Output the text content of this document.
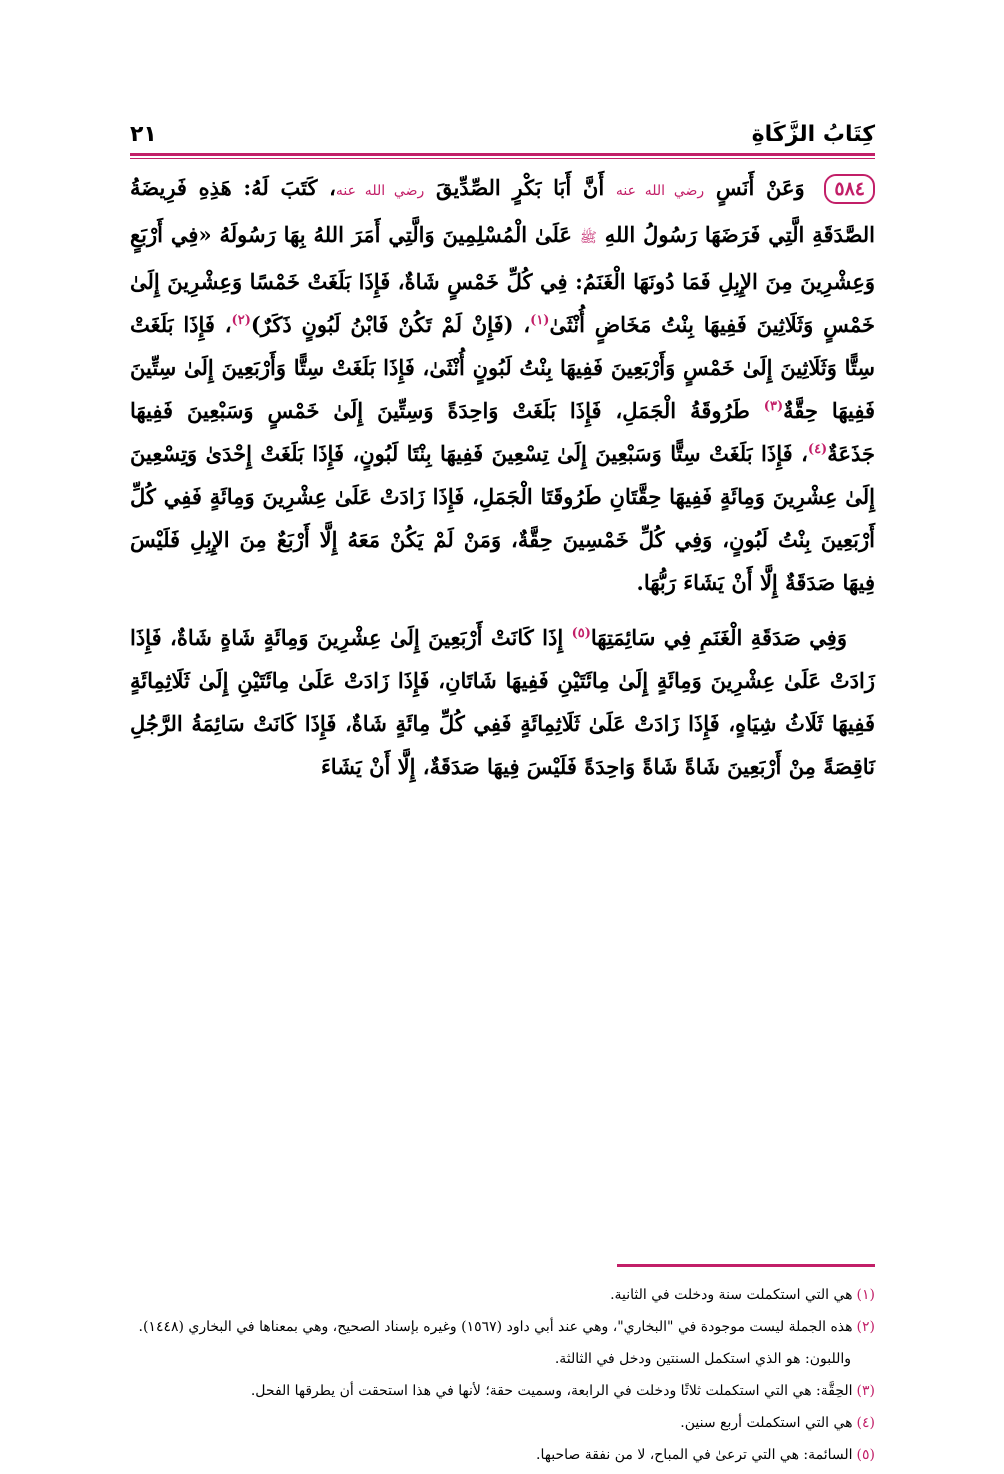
كِتَابُ الزَّكَاةِ
٢١

٥٨٤ وَعَنْ أَنَسٍ رضي الله عنه أَنَّ أَبَا بَكْرٍ الصِّدِّيقَ رضي الله عنه، كَتَبَ لَهُ: هَذِهِ فَرِيضَةُ الصَّدَقَةِ الَّتِي فَرَضَهَا رَسُولُ اللهِ ﷺ عَلَىٰ الْمُسْلِمِينَ وَالَّتِي أَمَرَ اللهُ بِهَا رَسُولَهُ «فِي أَرْبَعٍ وَعِشْرِينَ مِنَ الإِبِلِ فَمَا دُونَهَا الْغَنَمُ: فِي كُلِّ خَمْسٍ شَاةٌ، فَإِذَا بَلَغَتْ خَمْسًا وَعِشْرِينَ إِلَىٰ خَمْسٍ وَثَلَاثِينَ فَفِيهَا بِنْتُ مَخَاضٍ أُنْثَىٰ$^{(١)}$، (فَإِنْ لَمْ تَكُنْ فَابْنُ لَبُونٍ ذَكَرٌ)$^{(٢)}$، فَإِذَا بَلَغَتْ سِتًّا وَثَلَاثِينَ إِلَىٰ خَمْسٍ وَأَرْبَعِينَ فَفِيهَا بِنْتُ لَبُونٍ أُنْثَىٰ، فَإِذَا بَلَغَتْ سِتًّا وَأَرْبَعِينَ إِلَىٰ سِتِّينَ فَفِيهَا حِقَّةٌ$^{(٣)}$ طَرُوقَةُ الْجَمَلِ، فَإِذَا بَلَغَتْ وَاحِدَةً وَسِتِّينَ إِلَىٰ خَمْسٍ وَسَبْعِينَ فَفِيهَا جَذَعَةٌ$^{(٤)}$، فَإِذَا بَلَغَتْ سِتًّا وَسَبْعِينَ إِلَىٰ تِسْعِينَ فَفِيهَا بِنْتَا لَبُونٍ، فَإِذَا بَلَغَتْ إِحْدَىٰ وَتِسْعِينَ إِلَىٰ عِشْرِينَ وَمِائَةٍ فَفِيهَا حِقَّتَانِ طَرُوقَتَا الْجَمَلِ، فَإِذَا زَادَتْ عَلَىٰ عِشْرِينَ وَمِائَةٍ فَفِي كُلِّ أَرْبَعِينَ بِنْتُ لَبُونٍ، وَفِي كُلِّ خَمْسِينَ حِقَّةٌ، وَمَنْ لَمْ يَكُنْ مَعَهُ إِلَّا أَرْبَعٌ مِنَ الإِبِلِ فَلَيْسَ فِيهَا صَدَقَةٌ إِلَّا أَنْ يَشَاءَ رَبُّهَا.

وَفِي صَدَقَةِ الْغَنَمِ فِي سَائِمَتِهَا$^{(٥)}$ إِذَا كَانَتْ أَرْبَعِينَ إِلَىٰ عِشْرِينَ وَمِائَةٍ شَاةٍ شَاةٌ، فَإِذَا زَادَتْ عَلَىٰ عِشْرِينَ وَمِائَةٍ إِلَىٰ مِائَتَيْنِ فَفِيهَا شَاتَانِ، فَإِذَا زَادَتْ عَلَىٰ مِائَتَيْنِ إِلَىٰ ثَلَاثِمِائَةٍ فَفِيهَا ثَلَاثُ شِيَاهٍ، فَإِذَا زَادَتْ عَلَىٰ ثَلَاثِمِائَةٍ فَفِي كُلِّ مِائَةٍ شَاةٌ، فَإِذَا كَانَتْ سَائِمَةُ الرَّجُلِ نَاقِصَةً مِنْ أَرْبَعِينَ شَاةً شَاةً وَاحِدَةً فَلَيْسَ فِيهَا صَدَقَةٌ، إِلَّا أَنْ يَشَاءَ

(١)هي التي استكملت سنة ودخلت في الثانية.

(٢)هذه الجملة ليست موجودة في "البخاري"، وهي عند أبي داود (١٥٦٧) وغيره بإسناد الصحيح، وهي بمعناها في البخاري (١٤٤٨).

واللبون: هو الذي استكمل السنتين ودخل في الثالثة.

(٣)الحِقَّة: هي التي استكملت ثلاثًا ودخلت في الرابعة، وسميت حقة؛ لأنها في هذا استحقت أن يطرقها الفحل.

(٤)هي التي استكملت أربع سنين.

(٥)السائمة: هي التي ترعىٰ في المباح، لا من نفقة صاحبها.
